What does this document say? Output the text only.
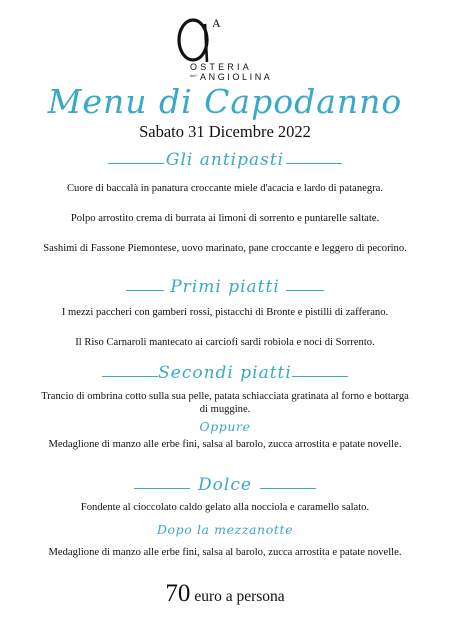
A
OSTERIA
dell' ANGIOLINA
Menu di Capodanno
Sabato 31 Dicembre 2022
Gli antipasti
Cuore di baccalà in panatura croccante miele d'acacia e lardo di patanegra.
Polpo arrostito crema di burrata ai limoni di sorrento e puntarelle saltate.
Sashimi di Fassone Piemontese, uovo marinato, pane croccante e leggero di pecorino.
Primi piatti
I mezzi paccheri con gamberi rossi, pistacchi di Bronte e pistilli di zafferano.
Il Riso Carnaroli mantecato ai carciofi sardi robiola e noci di Sorrento.
Secondi piatti
Trancio di ombrina cotto sulla sua pelle, patata schiacciata gratinata al forno e bottarga di muggine.
Oppure
Medaglione di manzo alle erbe fini, salsa al barolo, zucca arrostita e patate novelle.
Dolce
Fondente al cioccolato caldo gelato alla nocciola e caramello salato.
Dopo la mezzanotte
Medaglione di manzo alle erbe fini, salsa al barolo, zucca arrostita e patate novelle.
70 euro a persona
